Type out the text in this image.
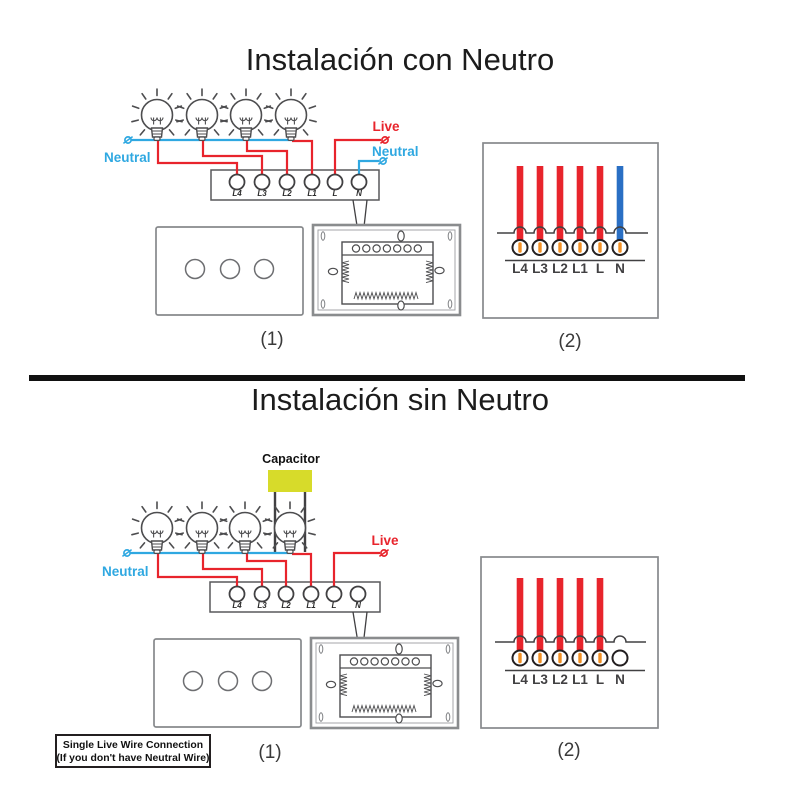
Instalación con Neutro
L4 L3 L2 L1 L N
Neutral
Live
Neutral
(1)
L4 L3 L2 L1 L N
(2)
Instalación sin Neutro
Capacitor
L4 L3 L2 L1 L N
Neutral
Live
(1)
Single Live Wire Connection
(If you don't have Neutral Wire)
L4 L3 L2 L1 L N
(2)
